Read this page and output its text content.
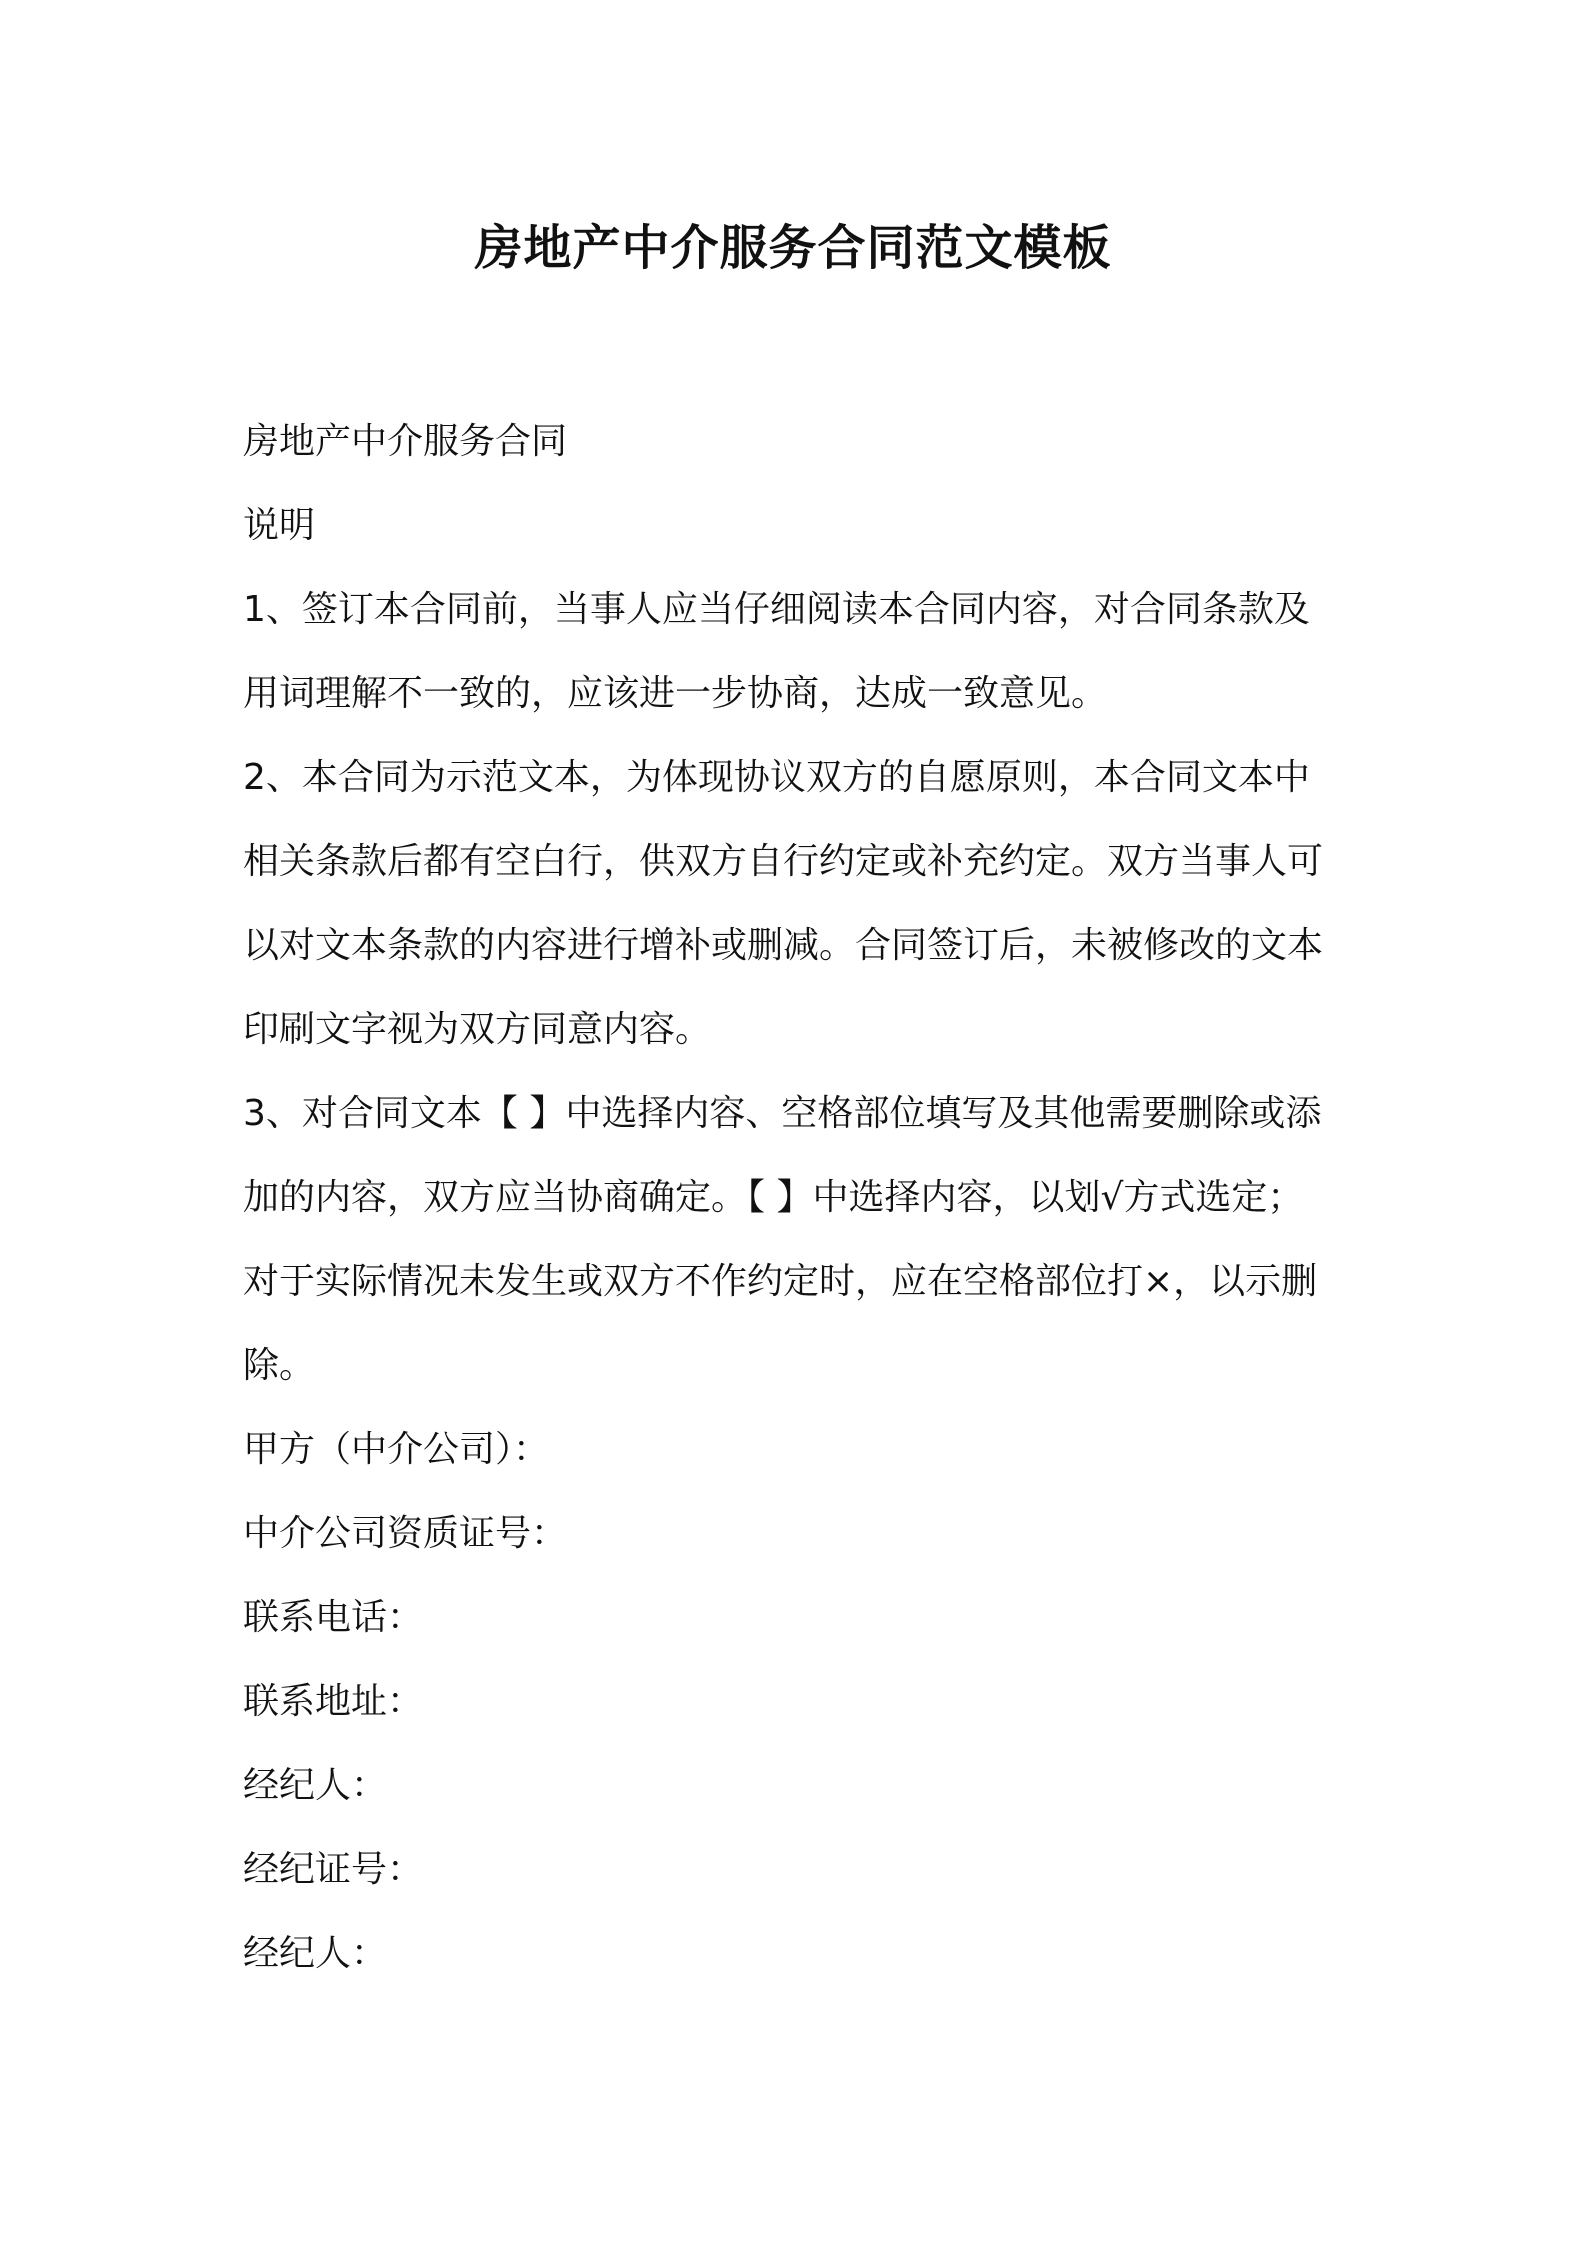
房地产中介服务合同范文模板
房地产中介服务合同
说明
1、签订本合同前，当事人应当仔细阅读本合同内容，对合同条款及
用词理解不一致的，应该进一步协商，达成一致意见。
2、本合同为示范文本，为体现协议双方的自愿原则，本合同文本中
相关条款后都有空白行，供双方自行约定或补充约定。双方当事人可
以对文本条款的内容进行增补或删减。合同签订后，未被修改的文本
印刷文字视为双方同意内容。
3、对合同文本【 】中选择内容、空格部位填写及其他需要删除或添
加的内容，双方应当协商确定。【 】中选择内容，以划√方式选定；
对于实际情况未发生或双方不作约定时，应在空格部位打×，以示删
除。
甲方（中介公司）：
中介公司资质证号：
联系电话：
联系地址：
经纪人：
经纪证号：
经纪人：
